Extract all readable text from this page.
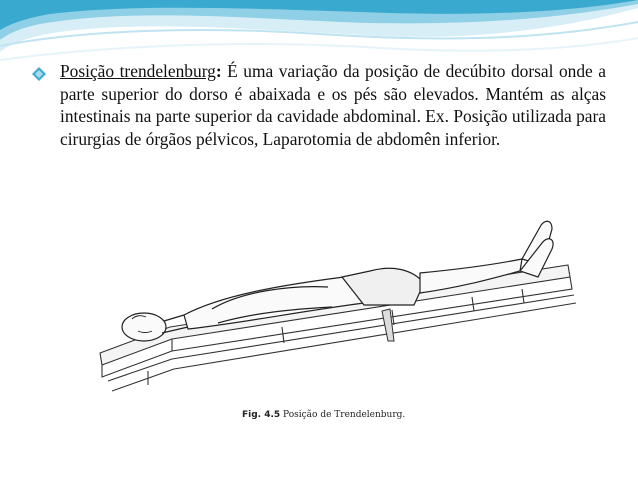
Posição trendelenburg: É uma variação da posição de decúbito dorsal onde a parte superior do dorso é abaixada e os pés são elevados. Mantém as alças intestinais na parte superior da cavidade abdominal. Ex. Posição utilizada para cirurgias de órgãos pélvicos, Laparotomia de abdomên inferior.

Fig. 4.5 Posição de Trendelenburg.
